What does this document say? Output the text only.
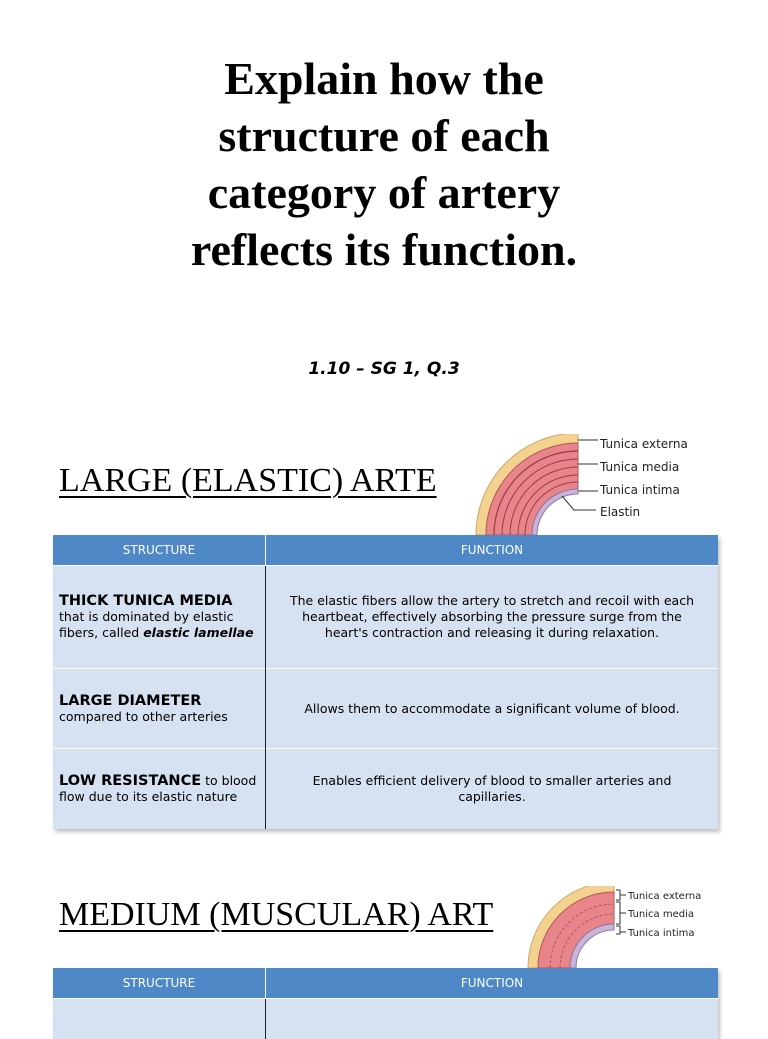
Explain how the
structure of each
category of artery
reflects its function.
1.10 – SG 1, Q.3
LARGE (ELASTIC) ARTE
Tunica externa
Tunica media
Tunica intima
Elastin
STRUCTURE	FUNCTION

THICK TUNICA MEDIA
that is dominated by elastic fibers, called elastic lamellae	The elastic fibers allow the artery to stretch and recoil with each heartbeat, effectively absorbing the pressure surge from the heart's contraction and releasing it during relaxation.

LARGE DIAMETER
compared to other arteries	Allows them to accommodate a significant volume of blood.
LOW RESISTANCE to blood flow due to its elastic nature	Enables efficient delivery of blood to smaller arteries and capillaries.
MEDIUM (MUSCULAR) ART	Tunica externa
Tunica media
Tunica intima
STRUCTURE	FUNCTION
